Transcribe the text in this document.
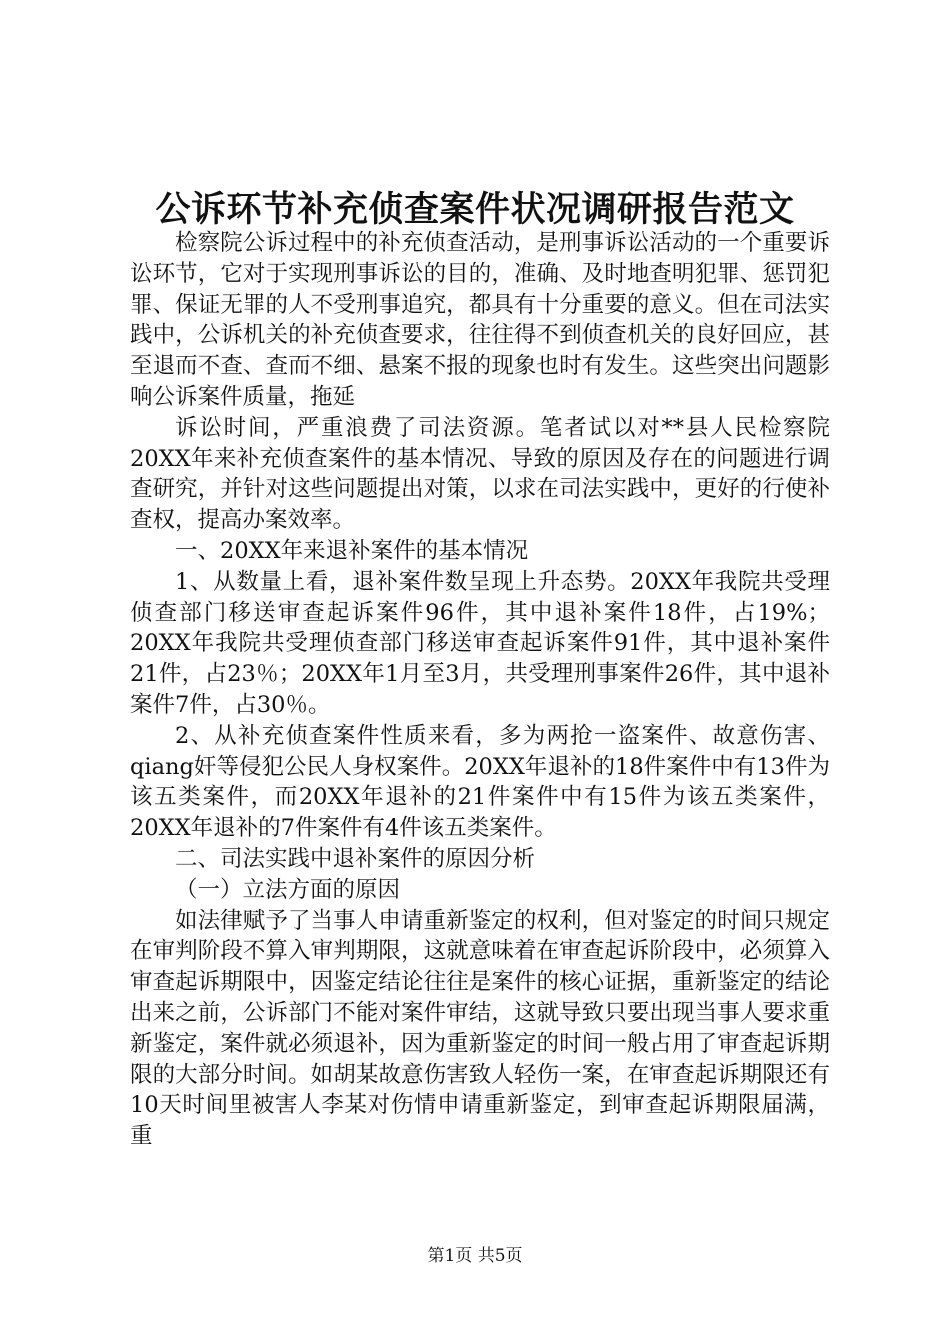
公诉环节补充侦查案件状况调研报告范文

检察院公诉过程中的补充侦查活动，是刑事诉讼活动的一个重要诉讼环节，它对于实现刑事诉讼的目的，准确、及时地查明犯罪、惩罚犯罪、保证无罪的人不受刑事追究，都具有十分重要的意义。但在司法实践中，公诉机关的补充侦查要求，往往得不到侦查机关的良好回应，甚至退而不查、查而不细、悬案不报的现象也时有发生。这些突出问题影响公诉案件质量，拖延

诉讼时间，严重浪费了司法资源。笔者试以对**县人民检察院20XX年来补充侦查案件的基本情况、导致的原因及存在的问题进行调查研究，并针对这些问题提出对策，以求在司法实践中，更好的行使补查权，提高办案效率。

一、20XX年来退补案件的基本情况

1、从数量上看，退补案件数呈现上升态势。20XX年我院共受理侦查部门移送审查起诉案件96件，其中退补案件18件，占19%；20XX年我院共受理侦查部门移送审查起诉案件91件，其中退补案件21件，占23％；20XX年1月至3月，共受理刑事案件26件，其中退补案件7件，占30％。

2、从补充侦查案件性质来看，多为两抢一盗案件、故意伤害、qiang奸等侵犯公民人身权案件。20XX年退补的18件案件中有13件为该五类案件，而20XX年退补的21件案件中有15件为该五类案件，20XX年退补的7件案件有4件该五类案件。

二、司法实践中退补案件的原因分析

（一）立法方面的原因

如法律赋予了当事人申请重新鉴定的权利，但对鉴定的时间只规定在审判阶段不算入审判期限，这就意味着在审查起诉阶段中，必须算入审查起诉期限中，因鉴定结论往往是案件的核心证据，重新鉴定的结论出来之前，公诉部门不能对案件审结，这就导致只要出现当事人要求重新鉴定，案件就必须退补，因为重新鉴定的时间一般占用了审查起诉期限的大部分时间。如胡某故意伤害致人轻伤一案，在审查起诉期限还有10天时间里被害人李某对伤情申请重新鉴定，到审查起诉期限届满，重

第1页 共5页
